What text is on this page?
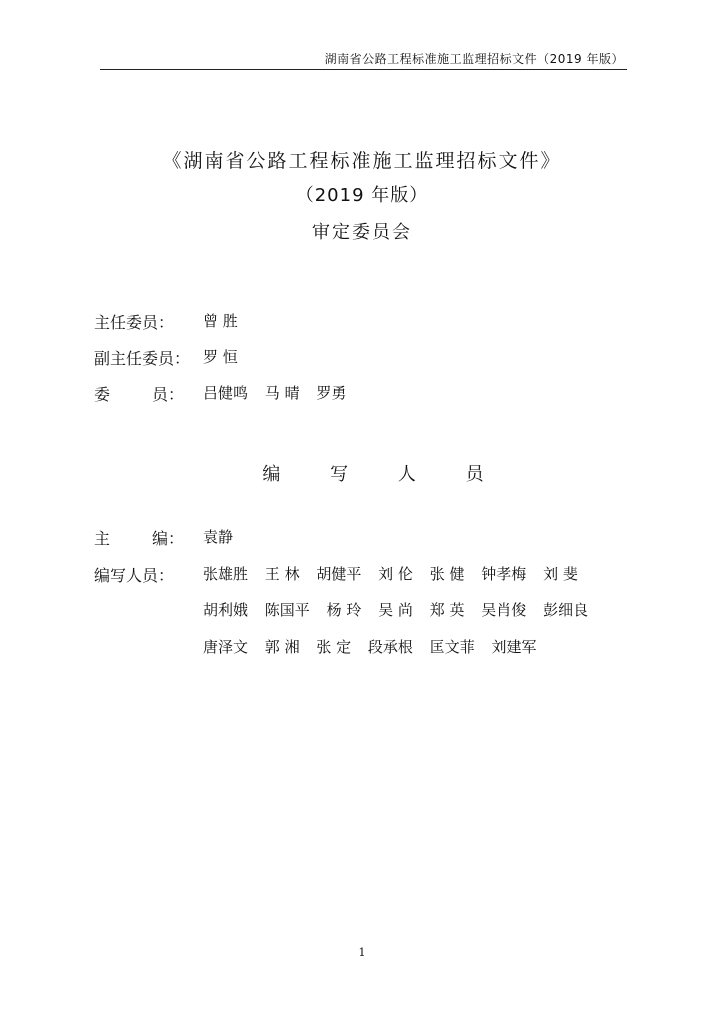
湖南省公路工程标准施工监理招标文件（2019 年版）
《湖南省公路工程标准施工监理招标文件》
（2019 年版）
审定委员会
主任委员： 曾 胜
副主任委员： 罗 恒
委	员： 吕健鸣 马 晴 罗勇
编 写 人 员
主	编： 袁静
编写人员： 张雄胜 王 林 胡健平 刘 伦 张 健 钟孝梅 刘 斐
胡利娥 陈国平 杨 玲 吴 尚 郑 英 吴肖俊 彭细良
唐泽文 郭 湘 张 定 段承根 匡文菲 刘建军
1
